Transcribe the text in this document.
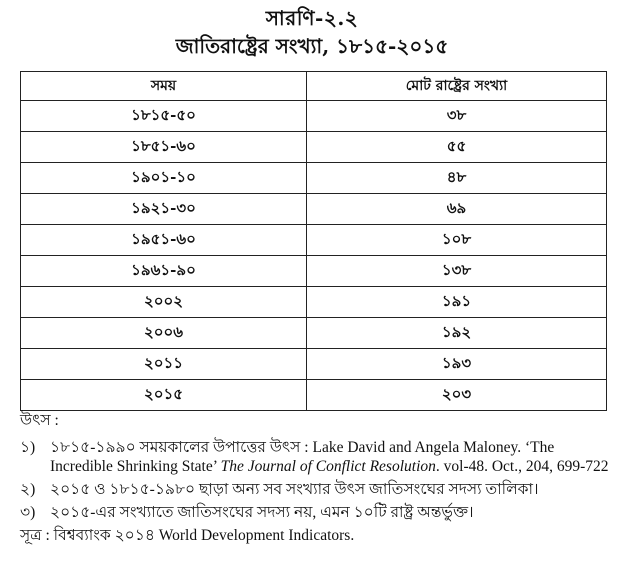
সারণি-২.২
জাতিরাষ্ট্রের সংখ্যা, ১৮১৫-২০১৫
সময়	মোট রাষ্ট্রের সংখ্যা
১৮১৫-৫০	৩৮
১৮৫১-৬০	৫৫
১৯০১-১০	৪৮
১৯২১-৩০	৬৯
১৯৫১-৬০	১০৮
১৯৬১-৯০	১৩৮
২০০২	১৯১
২০০৬	১৯২
২০১১	১৯৩
২০১৫	২০৩

উৎস :

১) ১৮১৫-১৯৯০ সময়কালের উপাত্তের উৎস : Lake David and Angela Maloney. ‘The Incredible Shrinking State’ The Journal of Conflict Resolution. vol-48. Oct., 204, 699-722

২) ২০১৫ ও ১৮১৫-১৯৮০ ছাড়া অন্য সব সংখ্যার উৎস জাতিসংঘের সদস্য তালিকা।

৩) ২০১৫-এর সংখ্যাতে জাতিসংঘের সদস্য নয়, এমন ১০টি রাষ্ট্র অন্তর্ভুক্ত।

সূত্র : বিশ্বব্যাংক ২০১৪ World Development Indicators.
